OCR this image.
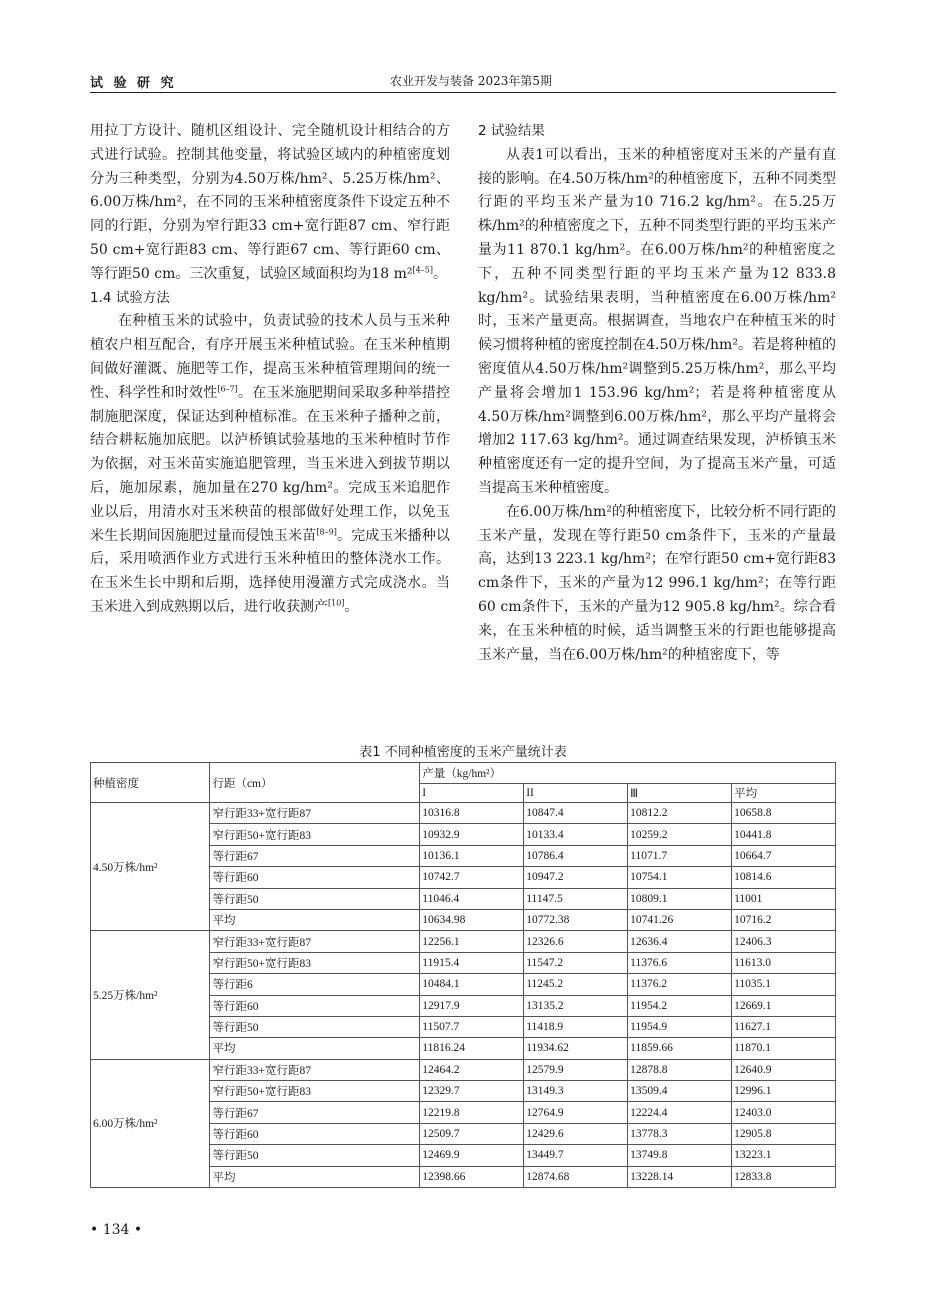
试 验 研 究	农业开发与装备 2023年第5期

用拉丁方设计、随机区组设计、完全随机设计相结合的方式进行试验。控制其他变量，将试验区域内的种植密度划分为三种类型，分别为4.50万株/hm²、5.25万株/hm²、6.00万株/hm²，在不同的玉米种植密度条件下设定五种不同的行距，分别为窄行距33 cm+宽行距87 cm、窄行距50 cm+宽行距83 cm、等行距67 cm、等行距60 cm、等行距50 cm。三次重复，试验区域面积均为18 m²[4–5]。

1.4 试验方法

在种植玉米的试验中，负责试验的技术人员与玉米种植农户相互配合，有序开展玉米种植试验。在玉米种植期间做好灌溉、施肥等工作，提高玉米种植管理期间的统一性、科学性和时效性[6–7]。在玉米施肥期间采取多种举措控制施肥深度，保证达到种植标准。在玉米种子播种之前，结合耕耘施加底肥。以泸桥镇试验基地的玉米种植时节作为依据，对玉米苗实施追肥管理，当玉米进入到拔节期以后，施加尿素，施加量在270 kg/hm²。完成玉米追肥作业以后，用清水对玉米秧苗的根部做好处理工作，以免玉米生长期间因施肥过量而侵蚀玉米苗[8–9]。完成玉米播种以后，采用喷洒作业方式进行玉米种植田的整体浇水工作。在玉米生长中期和后期，选择使用漫灌方式完成浇水。当玉米进入到成熟期以后，进行收获测产[10]。

2 试验结果

从表1可以看出，玉米的种植密度对玉米的产量有直接的影响。在4.50万株/hm²的种植密度下，五种不同类型行距的平均玉米产量为10 716.2 kg/hm²。在5.25万株/hm²的种植密度之下，五种不同类型行距的平均玉米产量为11 870.1 kg/hm²。在6.00万株/hm²的种植密度之下，五种不同类型行距的平均玉米产量为12 833.8 kg/hm²。试验结果表明，当种植密度在6.00万株/hm²时，玉米产量更高。根据调查，当地农户在种植玉米的时候习惯将种植的密度控制在4.50万株/hm²。若是将种植的密度值从4.50万株/hm²调整到5.25万株/hm²，那么平均产量将会增加1 153.96 kg/hm²；若是将种植密度从4.50万株/hm²调整到6.00万株/hm²，那么平均产量将会增加2 117.63 kg/hm²。通过调查结果发现，泸桥镇玉米种植密度还有一定的提升空间，为了提高玉米产量，可适当提高玉米种植密度。

在6.00万株/hm²的种植密度下，比较分析不同行距的玉米产量，发现在等行距50 cm条件下，玉米的产量最高，达到13 223.1 kg/hm²；在窄行距50 cm+宽行距83 cm条件下，玉米的产量为12 996.1 kg/hm²；在等行距60 cm条件下，玉米的产量为12 905.8 kg/hm²。综合看来，在玉米种植的时候，适当调整玉米的行距也能够提高玉米产量，当在6.00万株/hm²的种植密度下，等

表1 不同种植密度的玉米产量统计表
种植密度	行距（cm）	产量（kg/hm²）			
		I	II	Ⅲ	平均
4.50万株/hm²	窄行距33+宽行距87	10316.8	10847.4	10812.2	10658.8
	窄行距50+宽行距83	10932.9	10133.4	10259.2	10441.8
	等行距67	10136.1	10786.4	11071.7	10664.7
	等行距60	10742.7	10947.2	10754.1	10814.6
	等行距50	11046.4	11147.5	10809.1	11001
	平均	10634.98	10772.38	10741.26	10716.2
5.25万株/hm²	窄行距33+宽行距87	12256.1	12326.6	12636.4	12406.3
	窄行距50+宽行距83	11915.4	11547.2	11376.6	11613.0
	等行距6	10484.1	11245.2	11376.2	11035.1
	等行距60	12917.9	13135.2	11954.2	12669.1
	等行距50	11507.7	11418.9	11954.9	11627.1
	平均	11816.24	11934.62	11859.66	11870.1
6.00万株/hm²	窄行距33+宽行距87	12464.2	12579.9	12878.8	12640.9
	窄行距50+宽行距83	12329.7	13149.3	13509.4	12996.1
	等行距67	12219.8	12764.9	12224.4	12403.0
	等行距60	12509.7	12429.6	13778.3	12905.8
	等行距50	12469.9	13449.7	13749.8	13223.1
	平均	12398.66	12874.68	13228.14	12833.8
• 134 •
